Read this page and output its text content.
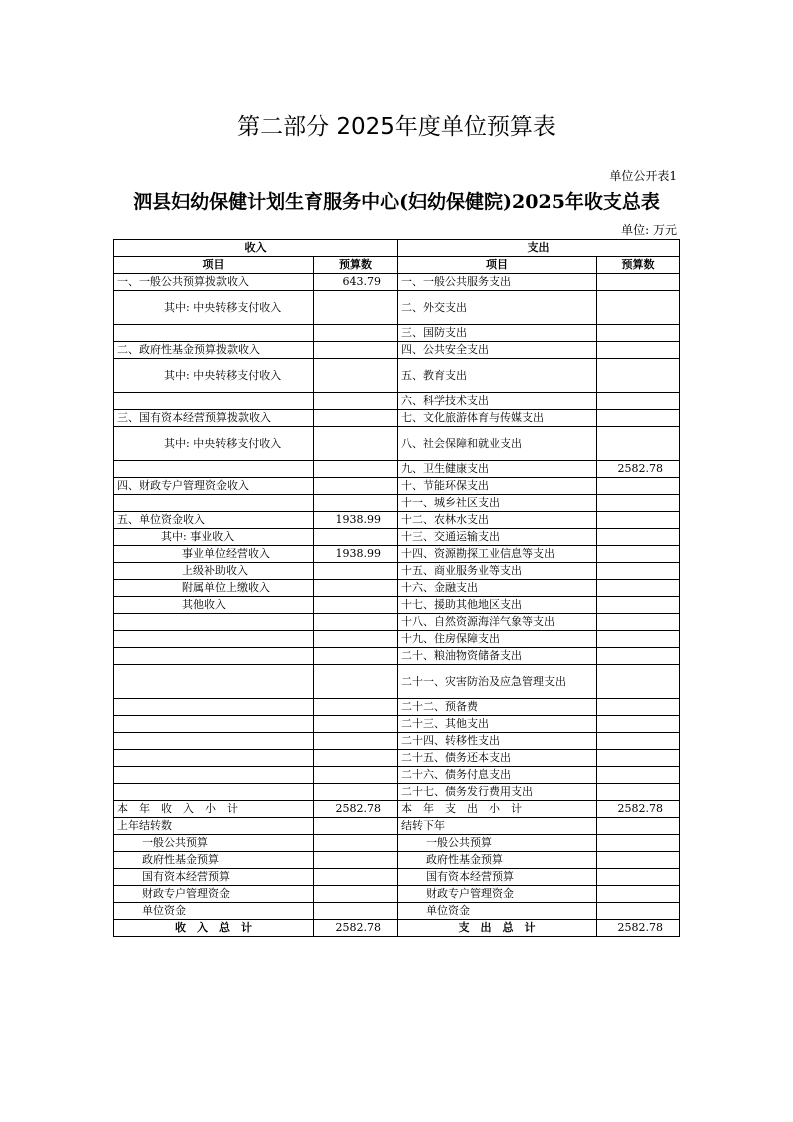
第二部分 2025年度单位预算表
单位公开表1
泗县妇幼保健计划生育服务中心(妇幼保健院)2025年收支总表
单位: 万元
收入		支出	
项目	预算数	项目	预算数
一、一般公共预算拨款收入	643.79	一、一般公共服务支出	
其中: 中央转移支付收入		二、外交支出	
		三、国防支出	
二、政府性基金预算拨款收入		四、公共安全支出	
其中: 中央转移支付收入		五、教育支出	
		六、科学技术支出	
三、国有资本经营预算拨款收入		七、文化旅游体育与传媒支出	
其中: 中央转移支付收入		八、社会保障和就业支出	
		九、卫生健康支出	2582.78
四、财政专户管理资金收入		十、节能环保支出	
		十一、城乡社区支出	
五、单位资金收入	1938.99	十二、农林水支出	
其中: 事业收入		十三、交通运输支出	
事业单位经营收入	1938.99	十四、资源勘探工业信息等支出	
上级补助收入		十五、商业服务业等支出	
附属单位上缴收入		十六、金融支出	
其他收入		十七、援助其他地区支出	
		十八、自然资源海洋气象等支出	
		十九、住房保障支出	
		二十、粮油物资储备支出	
		二十一、灾害防治及应急管理支出	
		二十二、预备费	
		二十三、其他支出	
		二十四、转移性支出	
		二十五、债务还本支出	
		二十六、债务付息支出	
		二十七、债务发行费用支出	
本　年　收　入　小　计	2582.78	本　年　支　出　小　计	2582.78
上年结转数		结转下年	
一般公共预算		一般公共预算	
政府性基金预算		政府性基金预算	
国有资本经营预算		国有资本经营预算	
财政专户管理资金		财政专户管理资金	
单位资金		单位资金	
收　入　总　计	2582.78	支　出　总　计	2582.78
